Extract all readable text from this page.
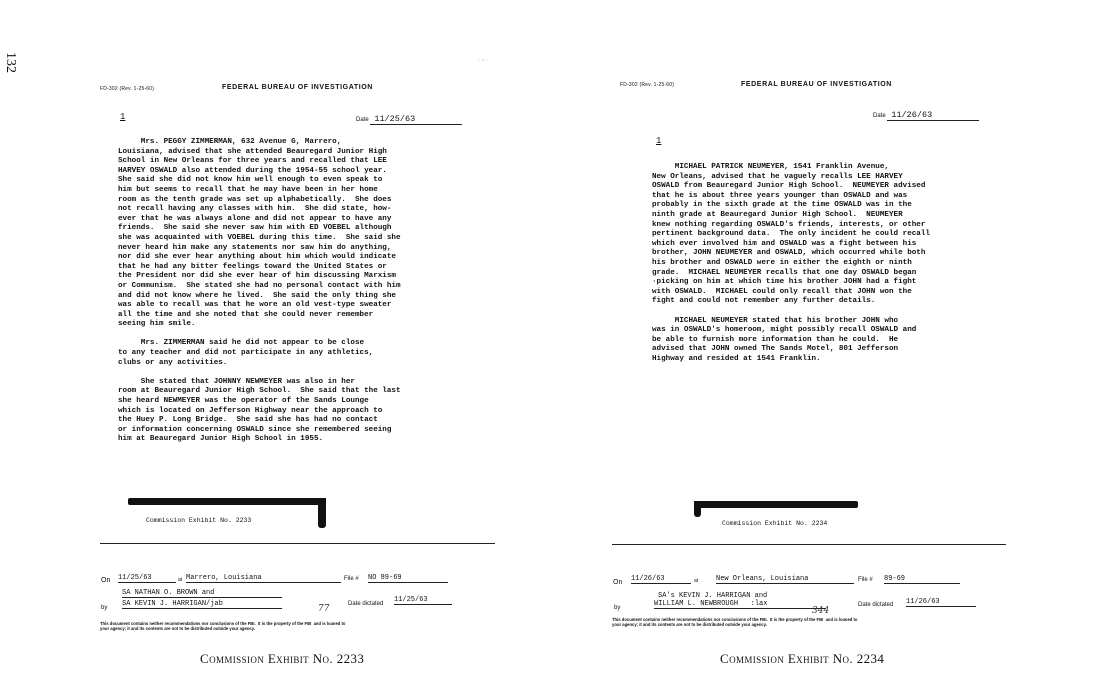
132	· ~ ·
FD-302 (Rev. 1-25-60)	FEDERAL BUREAU OF INVESTIGATION
1	Date 11/25/63
Mrs. PEGGY ZIMMERMAN, 632 Avenue G, Marrero,
Louisiana, advised that she attended Beauregard Junior High
School in New Orleans for three years and recalled that LEE
HARVEY OSWALD also attended during the 1954-55 school year.
She said she did not know him well enough to even speak to
him but seems to recall that he may have been in her home
room as the tenth grade was set up alphabetically.  She does
not recall having any classes with him.  She did state, how-
ever that he was always alone and did not appear to have any
friends.  She said she never saw him with ED VOEBEL although
she was acquainted with VOEBEL during this time.  She said she
never heard him make any statements nor saw him do anything,
nor did she ever hear anything about him which would indicate
that he had any bitter feelings toward the United States or
the President nor did she ever hear of him discussing Marxism
or Communism.  She stated she had no personal contact with him
and did not know where he lived.  She said the only thing she
was able to recall was that he wore an old vest-type sweater
all the time and she noted that she could never remember
seeing him smile.

Mrs. ZIMMERMAN said he did not appear to be close
to any teacher and did not participate in any athletics,
clubs or any activities.

She stated that JOHNNY NEWMEYER was also in her
room at Beauregard Junior High School.  She said that the last
she heard NEWMEYER was the operator of the Sands Lounge
which is located on Jefferson Highway near the approach to
the Huey P. Long Bridge.  She said she has had no contact
or information concerning OSWALD since she remembered seeing
him at Beauregard Junior High School in 1955.
Commission Exhibit No. 2233
On 11/25/63	at Marrero, Louisiana	File # NO 89-69
SA NATHAN O. BROWN and
by SA KEVIN J. HARRIGAN/jab	77	Date dictated 11/25/63
This document contains neither recommendations nor conclusions of the FBI.  It is the property of the FBI  and is loaned to
your agency; it and its contents are not to be distributed outside your agency.
Commission Exhibit No. 2233
FD-302 (Rev. 1-25-60)	FEDERAL BUREAU OF INVESTIGATION
Date 11/26/63
1
MICHAEL PATRICK NEUMEYER, 1541 Franklin Avenue,
New Orleans, advised that he vaguely recalls LEE HARVEY
OSWALD from Beauregard Junior High School.  NEUMEYER advised
that he is about three years younger than OSWALD and was
probably in the sixth grade at the time OSWALD was in the
ninth grade at Beauregard Junior High School.  NEUMEYER
knew nothing regarding OSWALD's friends, interests, or other
pertinent background data.  The only incident he could recall
which ever involved him and OSWALD was a fight between his
brother, JOHN NEUMEYER and OSWALD, which occurred while both
his brother and OSWALD were in either the eighth or ninth
grade.  MICHAEL NEUMEYER recalls that one day OSWALD began
·picking on him at which time his brother JOHN had a fight
with OSWALD.  MICHAEL could only recall that JOHN won the
fight and could not remember any further details.

MICHAEL NEUMEYER stated that his brother JOHN who
was in OSWALD's homeroom, might possibly recall OSWALD and
be able to furnish more information than he could.  He
advised that JOHN owned The Sands Motel, 801 Jefferson
Highway and resided at 1541 Franklin.
Commission Exhibit No. 2234
On 11/26/63	at	New Orleans, Louisiana	File # 89-69
SA's KEVIN J. HARRIGAN and
by	WILLIAM L. NEWBROUGH   :lax
344
Date dictated 11/26/63
This document contains neither recommendations nor conclusions of the FBI.  It is the property of the FBI  and is loaned to
your agency; it and its contents are not to be distributed outside your agency.
Commission Exhibit No. 2234
